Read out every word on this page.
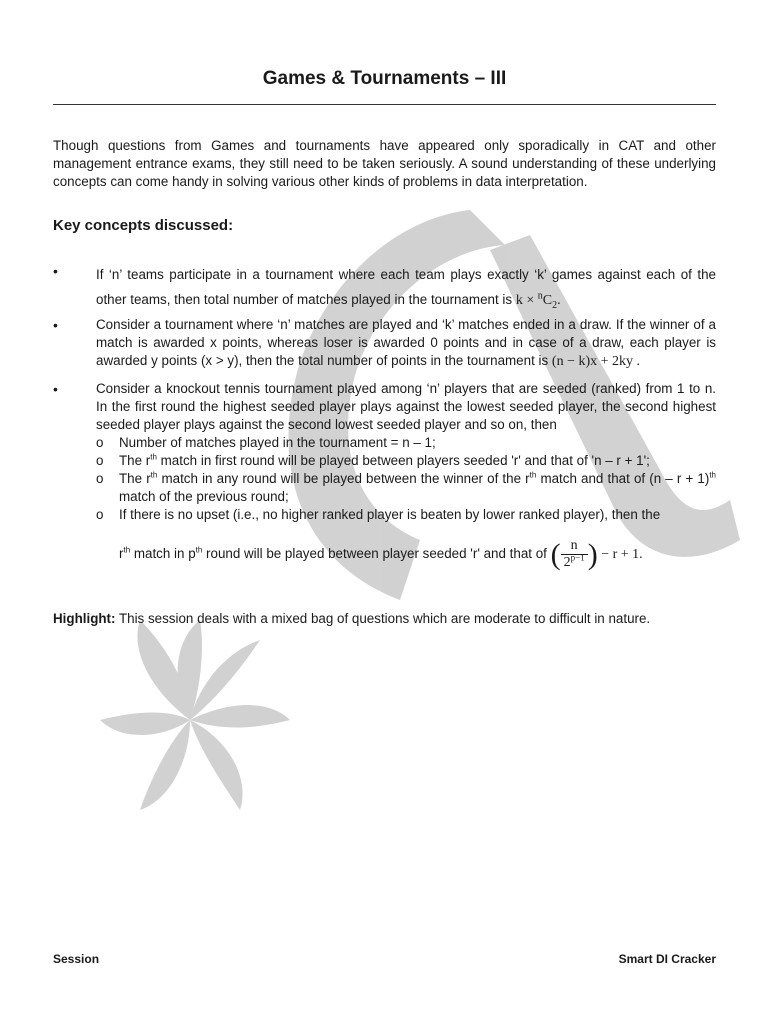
Games & Tournaments – III

Though questions from Games and tournaments have appeared only sporadically in CAT and other management entrance exams, they still need to be taken seriously. A sound understanding of these underlying concepts can come handy in solving various other kinds of problems in data interpretation.

Key concepts discussed:
•	If ‘n’ teams participate in a tournament where each team plays exactly ‘k’ games against each of the other teams, then total number of matches played in the tournament is $k \times ^nC_2$.
•	Consider a tournament where ‘n’ matches are played and ‘k’ matches ended in a draw. If the winner of a match is awarded x points, whereas loser is awarded 0 points and in case of a draw, each player is awarded y points (x > y), then the total number of points in the tournament is (n − k)x + 2ky .
•	Consider a knockout tennis tournament played among ‘n’ players that are seeded (ranked) from 1 to n. In the first round the highest seeded player plays against the lowest seeded player, the second highest seeded player plays against the second lowest seeded player and so on, then
o Number of matches played in the tournament = n – 1;
o The $r^{th}$ match in first round will be played between players seeded 'r' and that of 'n – r + 1';
o The $r^{th}$ match in any round will be played between the winner of the $r^{th}$ match and that of $(n - r + 1)^{th}$ match of the previous round;
o If there is no upset (i.e., no higher ranked player is beaten by lower ranked player), then the
$r^{th}$ match in $p^{th}$ round will be played between player seeded 'r' and that of ( $\frac{n}{2^{p-1}}$ ) − r + 1.

Highlight: This session deals with a mixed bag of questions which are moderate to difficult in nature.

Session	Smart DI Cracker
